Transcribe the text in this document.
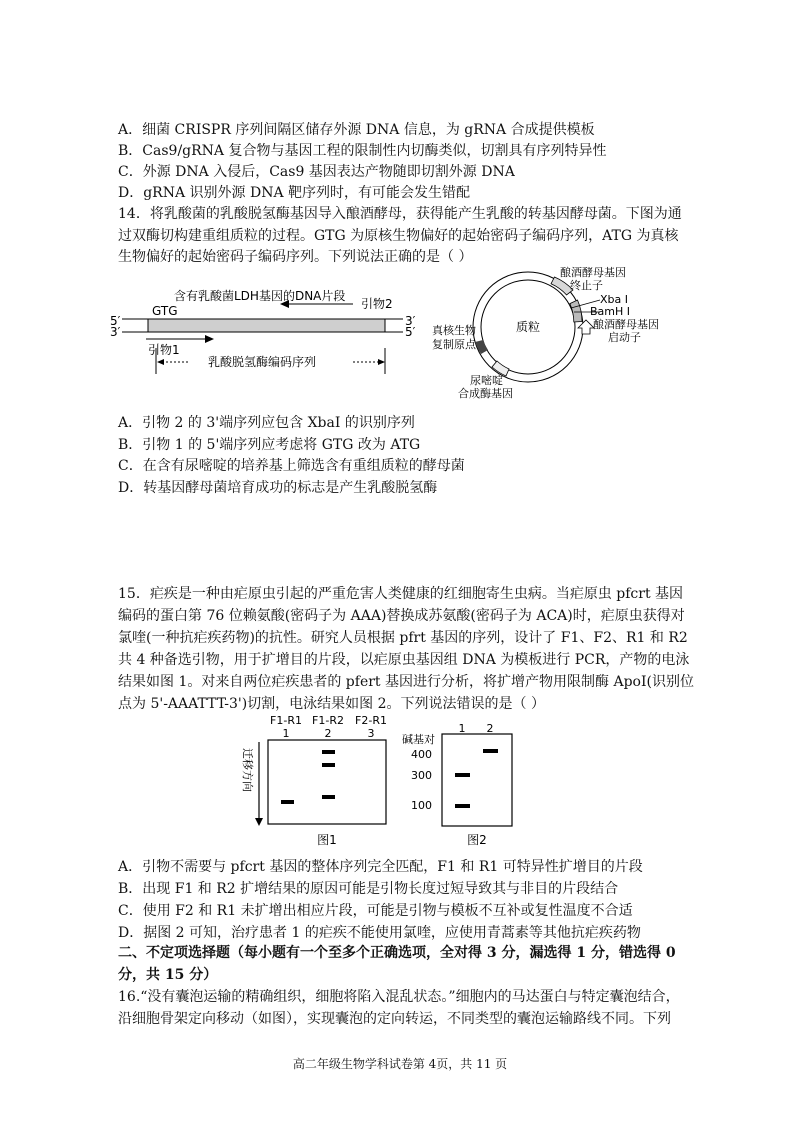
A．细菌 CRISPR 序列间隔区储存外源 DNA 信息，为 gRNA 合成提供模板
B．Cas9/gRNA 复合物与基因工程的限制性内切酶类似，切割具有序列特异性
C．外源 DNA 入侵后，Cas9 基因表达产物随即切割外源 DNA
D．gRNA 识别外源 DNA 靶序列时，有可能会发生错配
14．将乳酸菌的乳酸脱氢酶基因导入酿酒酵母，获得能产生乳酸的转基因酵母菌。下图为通
过双酶切构建重组质粒的过程。GTG 为原核生物偏好的起始密码子编码序列，ATG 为真核
生物偏好的起始密码子编码序列。下列说法正确的是（ ）
含有乳酸菌LDH基因的DNA片段
引物2
GTG
5′
3′
3′
5′
引物1
乳酸脱氢酶编码序列
质粒
酿酒酵母基因
终止子
Xba I
BamH I
酿酒酵母基因
启动子
真核生物
复制原点
尿嘧啶
合成酶基因
A．引物 2 的 3'端序列应包含 XbaI 的识别序列
B．引物 1 的 5'端序列应考虑将 GTG 改为 ATG
C．在含有尿嘧啶的培养基上筛选含有重组质粒的酵母菌
D．转基因酵母菌培育成功的标志是产生乳酸脱氢酶
15．疟疾是一种由疟原虫引起的严重危害人类健康的红细胞寄生虫病。当疟原虫 pfcrt 基因
编码的蛋白第 76 位赖氨酸(密码子为 AAA)替换成苏氨酸(密码子为 ACA)时，疟原虫获得对
氯喹(一种抗疟疾药物)的抗性。研究人员根据 pfrt 基因的序列，设计了 F1、F2、R1 和 R2
共 4 种备选引物，用于扩增目的片段，以疟原虫基因组 DNA 为模板进行 PCR，产物的电泳
结果如图 1。对来自两位疟疾患者的 pfert 基因进行分析，将扩增产物用限制酶 ApoI(识别位
点为 5'-AAATTT-3')切割，电泳结果如图 2。下列说法错误的是（ ）
F1-R1 F1-R2 F2-R1
1	2	3
迁移方向
图1
1 2
碱基对
400
300
100
图2
A．引物不需要与 pfcrt 基因的整体序列完全匹配，F1 和 R1 可特异性扩增目的片段
B．出现 F1 和 R2 扩增结果的原因可能是引物长度过短导致其与非目的片段结合
C．使用 F2 和 R1 未扩增出相应片段，可能是引物与模板不互补或复性温度不合适
D．据图 2 可知，治疗患者 1 的疟疾不能使用氯喹，应使用青蒿素等其他抗疟疾药物
二、不定项选择题（每小题有一个至多个正确选项，全对得 3 分，漏选得 1 分，错选得 0
分，共 15 分）
16.“没有囊泡运输的精确组织，细胞将陷入混乱状态。”细胞内的马达蛋白与特定囊泡结合，
沿细胞骨架定向移动（如图），实现囊泡的定向转运，不同类型的囊泡运输路线不同。下列
高二年级生物学科试卷第 4页，共 11 页
